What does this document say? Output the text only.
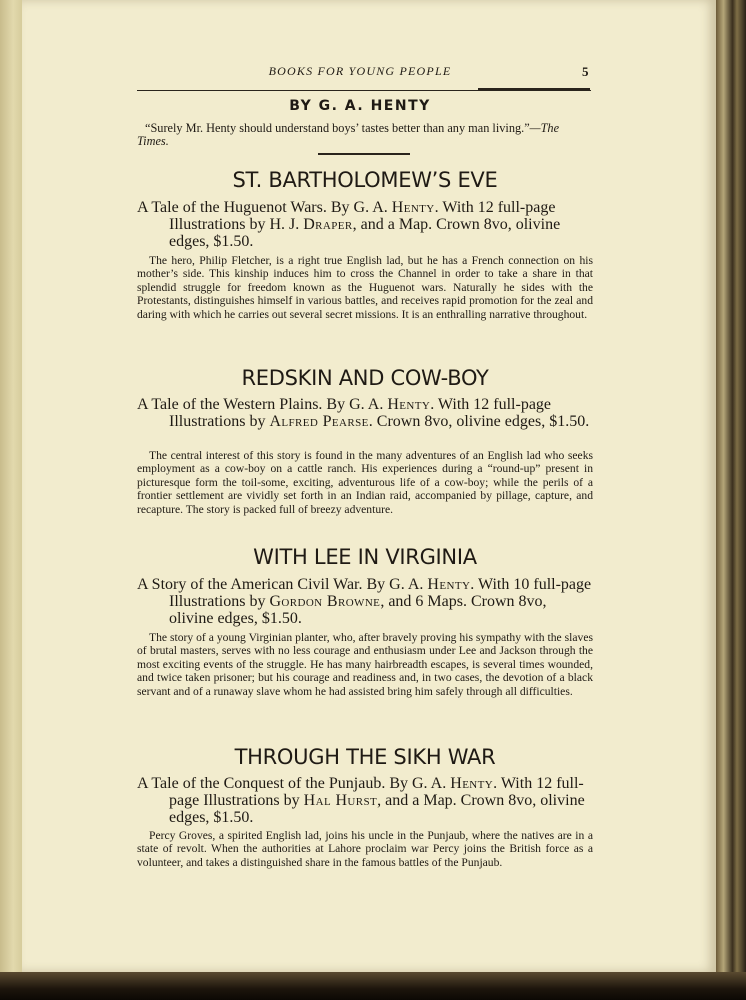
BOOKS FOR YOUNG PEOPLE	5
BY G. A. HENTY
“Surely Mr. Henty should understand boys’ tastes better than any man living.”—The Times.
ST. BARTHOLOMEW’S EVE
A Tale of the Huguenot Wars. By G. A. Henty. With 12 full-page Illustrations by H. J. Draper, and a Map. Crown 8vo, olivine edges, $1.50.
The hero, Philip Fletcher, is a right true English lad, but he has a French connection on his mother’s side. This kinship induces him to cross the Channel in order to take a share in that splendid struggle for freedom known as the Huguenot wars. Naturally he sides with the Protestants, distinguishes himself in various battles, and receives rapid promotion for the zeal and daring with which he carries out several secret missions. It is an enthralling narrative throughout.
REDSKIN AND COW-BOY
A Tale of the Western Plains. By G. A. Henty. With 12 full-page Illustrations by Alfred Pearse. Crown 8vo, olivine edges, $1.50.
The central interest of this story is found in the many adventures of an English lad who seeks employment as a cow-boy on a cattle ranch. His experiences during a “round-up” present in picturesque form the toil-some, exciting, adventurous life of a cow-boy; while the perils of a frontier settlement are vividly set forth in an Indian raid, accompanied by pillage, capture, and recapture. The story is packed full of breezy adventure.
WITH LEE IN VIRGINIA
A Story of the American Civil War. By G. A. Henty. With 10 full-page Illustrations by Gordon Browne, and 6 Maps. Crown 8vo, olivine edges, $1.50.
The story of a young Virginian planter, who, after bravely proving his sympathy with the slaves of brutal masters, serves with no less courage and enthusiasm under Lee and Jackson through the most exciting events of the struggle. He has many hairbreadth escapes, is several times wounded, and twice taken prisoner; but his courage and readiness and, in two cases, the devotion of a black servant and of a runaway slave whom he had assisted bring him safely through all difficulties.
THROUGH THE SIKH WAR
A Tale of the Conquest of the Punjaub. By G. A. Henty. With 12 full-page Illustrations by Hal Hurst, and a Map. Crown 8vo, olivine edges, $1.50.
Percy Groves, a spirited English lad, joins his uncle in the Punjaub, where the natives are in a state of revolt. When the authorities at Lahore proclaim war Percy joins the British force as a volunteer, and takes a distinguished share in the famous battles of the Punjaub.
